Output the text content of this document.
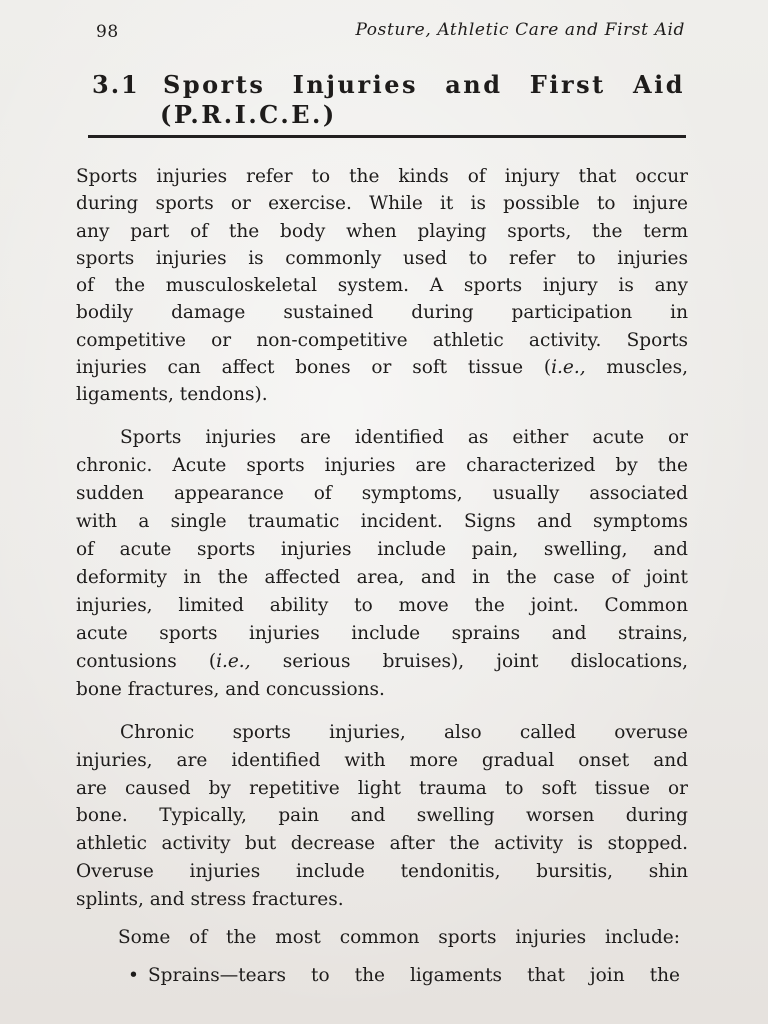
98	Posture, Athletic Care and First Aid
3.1 Sports Injuries and First Aid
(P.R.I.C.E.)
Sports injuries refer to the kinds of injury that occur
during sports or exercise. While it is possible to injure
any part of the body when playing sports, the term
sports injuries is commonly used to refer to injuries
of the musculoskeletal system. A sports injury is any
bodily damage sustained during participation in
competitive or non-competitive athletic activity. Sports
injuries can affect bones or soft tissue (i.e., muscles,
ligaments, tendons).
Sports injuries are identified as either acute or
chronic. Acute sports injuries are characterized by the
sudden appearance of symptoms, usually associated
with a single traumatic incident. Signs and symptoms
of acute sports injuries include pain, swelling, and
deformity in the affected area, and in the case of joint
injuries, limited ability to move the joint. Common
acute sports injuries include sprains and strains,
contusions (i.e., serious bruises), joint dislocations,
bone fractures, and concussions.
Chronic sports injuries, also called overuse
injuries, are identified with more gradual onset and
are caused by repetitive light trauma to soft tissue or
bone. Typically, pain and swelling worsen during
athletic activity but decrease after the activity is stopped.
Overuse injuries include tendonitis, bursitis, shin
splints, and stress fractures.
Some of the most common sports injuries include:
• Sprains—tears to the ligaments that join the
